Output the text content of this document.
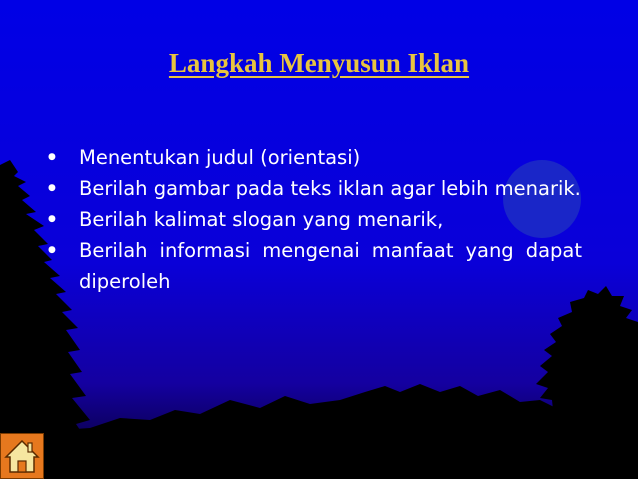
Langkah Menyusun Iklan
● Menentukan judul (orientasi)
● Berilah gambar pada teks iklan agar lebih menarik.
● Berilah kalimat slogan yang menarik,
● Berilah informasi mengenai manfaat yang dapat diperoleh
